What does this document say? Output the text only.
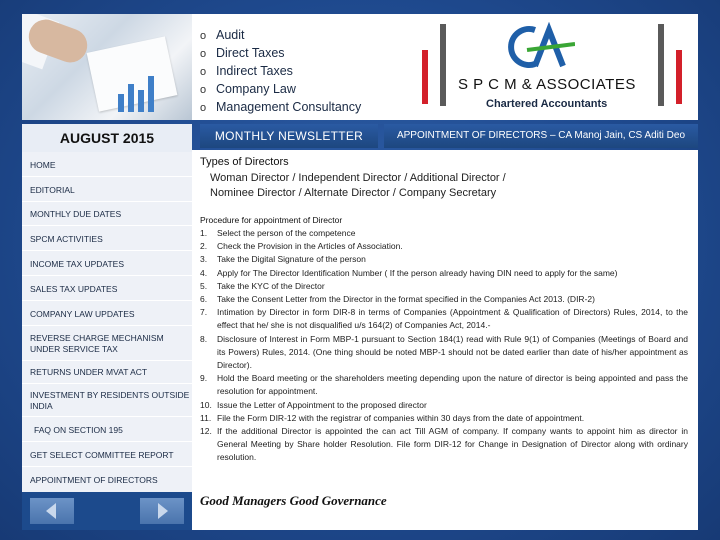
o Audit
o Direct Taxes
o Indirect Taxes
o Company Law
o Management Consultancy
S P C M & ASSOCIATES
Chartered Accountants
AUGUST 2015	MONTHLY NEWSLETTER	APPOINTMENT OF DIRECTORS – CA Manoj Jain, CS Aditi Deo
HOME
EDITORIAL
MONTHLY DUE DATES
SPCM ACTIVITIES
INCOME TAX UPDATES
SALES TAX UPDATES
COMPANY LAW UPDATES
REVERSE CHARGE MECHANISM UNDER SERVICE TAX
RETURNS UNDER MVAT ACT
INVESTMENT BY RESIDENTS OUTSIDE INDIA
FAQ ON SECTION 195
GET SELECT COMMITTEE REPORT
APPOINTMENT OF DIRECTORS
Types of Directors
Woman Director / Independent Director / Additional Director /
Nominee Director / Alternate Director / Company Secretary
Procedure for appointment of Director
1.	Select the person of the competence
2.	Check the Provision in the Articles of Association.
3.	Take the Digital Signature of the person
4.	Apply for The Director Identification Number ( If the person already having DIN need to apply for the same)
5.	Take the KYC of the Director
6.	Take the Consent Letter from the Director in the format specified in the Companies Act 2013. (DIR-2)
7.	Intimation by Director in form DIR-8 in terms of Companies (Appointment & Qualification of Directors) Rules, 2014, to the effect that he/ she is not disqualified u/s 164(2) of Companies Act, 2014.-
8.	Disclosure of Interest in Form MBP-1 pursuant to Section 184(1) read with Rule 9(1) of Companies (Meetings of Board and its Powers) Rules, 2014. (One thing should be noted MBP-1 should not be dated earlier than date of his/her appointment as Director).
9.	Hold the Board meeting or the shareholders meeting depending upon the nature of director is being appointed and pass the resolution for appointment.
10. Issue the Letter of Appointment to the proposed director
11. File the Form DIR-12 with the registrar of companies within 30 days from the date of appointment.
12. If the additional Director is appointed the can act Till AGM of company. If company wants to appoint him as director in General Meeting by Share holder Resolution. File form DIR-12 for Change in Designation of Director along with ordinary resolution.
Good Managers Good Governance
